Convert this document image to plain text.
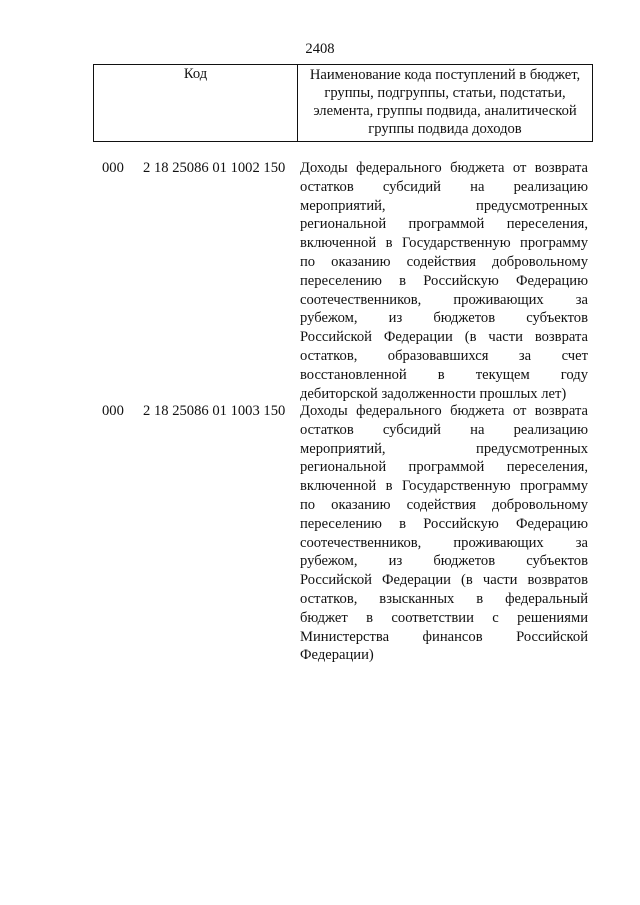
2408
Код	Наименование кода поступлений в бюджет,
группы, подгруппы, статьи, подстатьи,
элемента, группы подвида, аналитической
группы подвида доходов
000 2 18 25086 01 1002 150 Доходы федерального бюджета от возврата
остатков субсидий на реализацию
мероприятий, предусмотренных
региональной программой переселения,
включенной в Государственную программу
по оказанию содействия добровольному
переселению в Российскую Федерацию
соотечественников, проживающих за
рубежом, из бюджетов субъектов
Российской Федерации (в части возврата
остатков, образовавшихся за счет
восстановленной в текущем году
дебиторской задолженности прошлых лет)
000 2 18 25086 01 1003 150 Доходы федерального бюджета от возврата
остатков субсидий на реализацию
мероприятий, предусмотренных
региональной программой переселения,
включенной в Государственную программу
по оказанию содействия добровольному
переселению в Российскую Федерацию
соотечественников, проживающих за
рубежом, из бюджетов субъектов
Российской Федерации (в части возвратов
остатков, взысканных в федеральный
бюджет в соответствии с решениями
Министерства финансов Российской
Федерации)
